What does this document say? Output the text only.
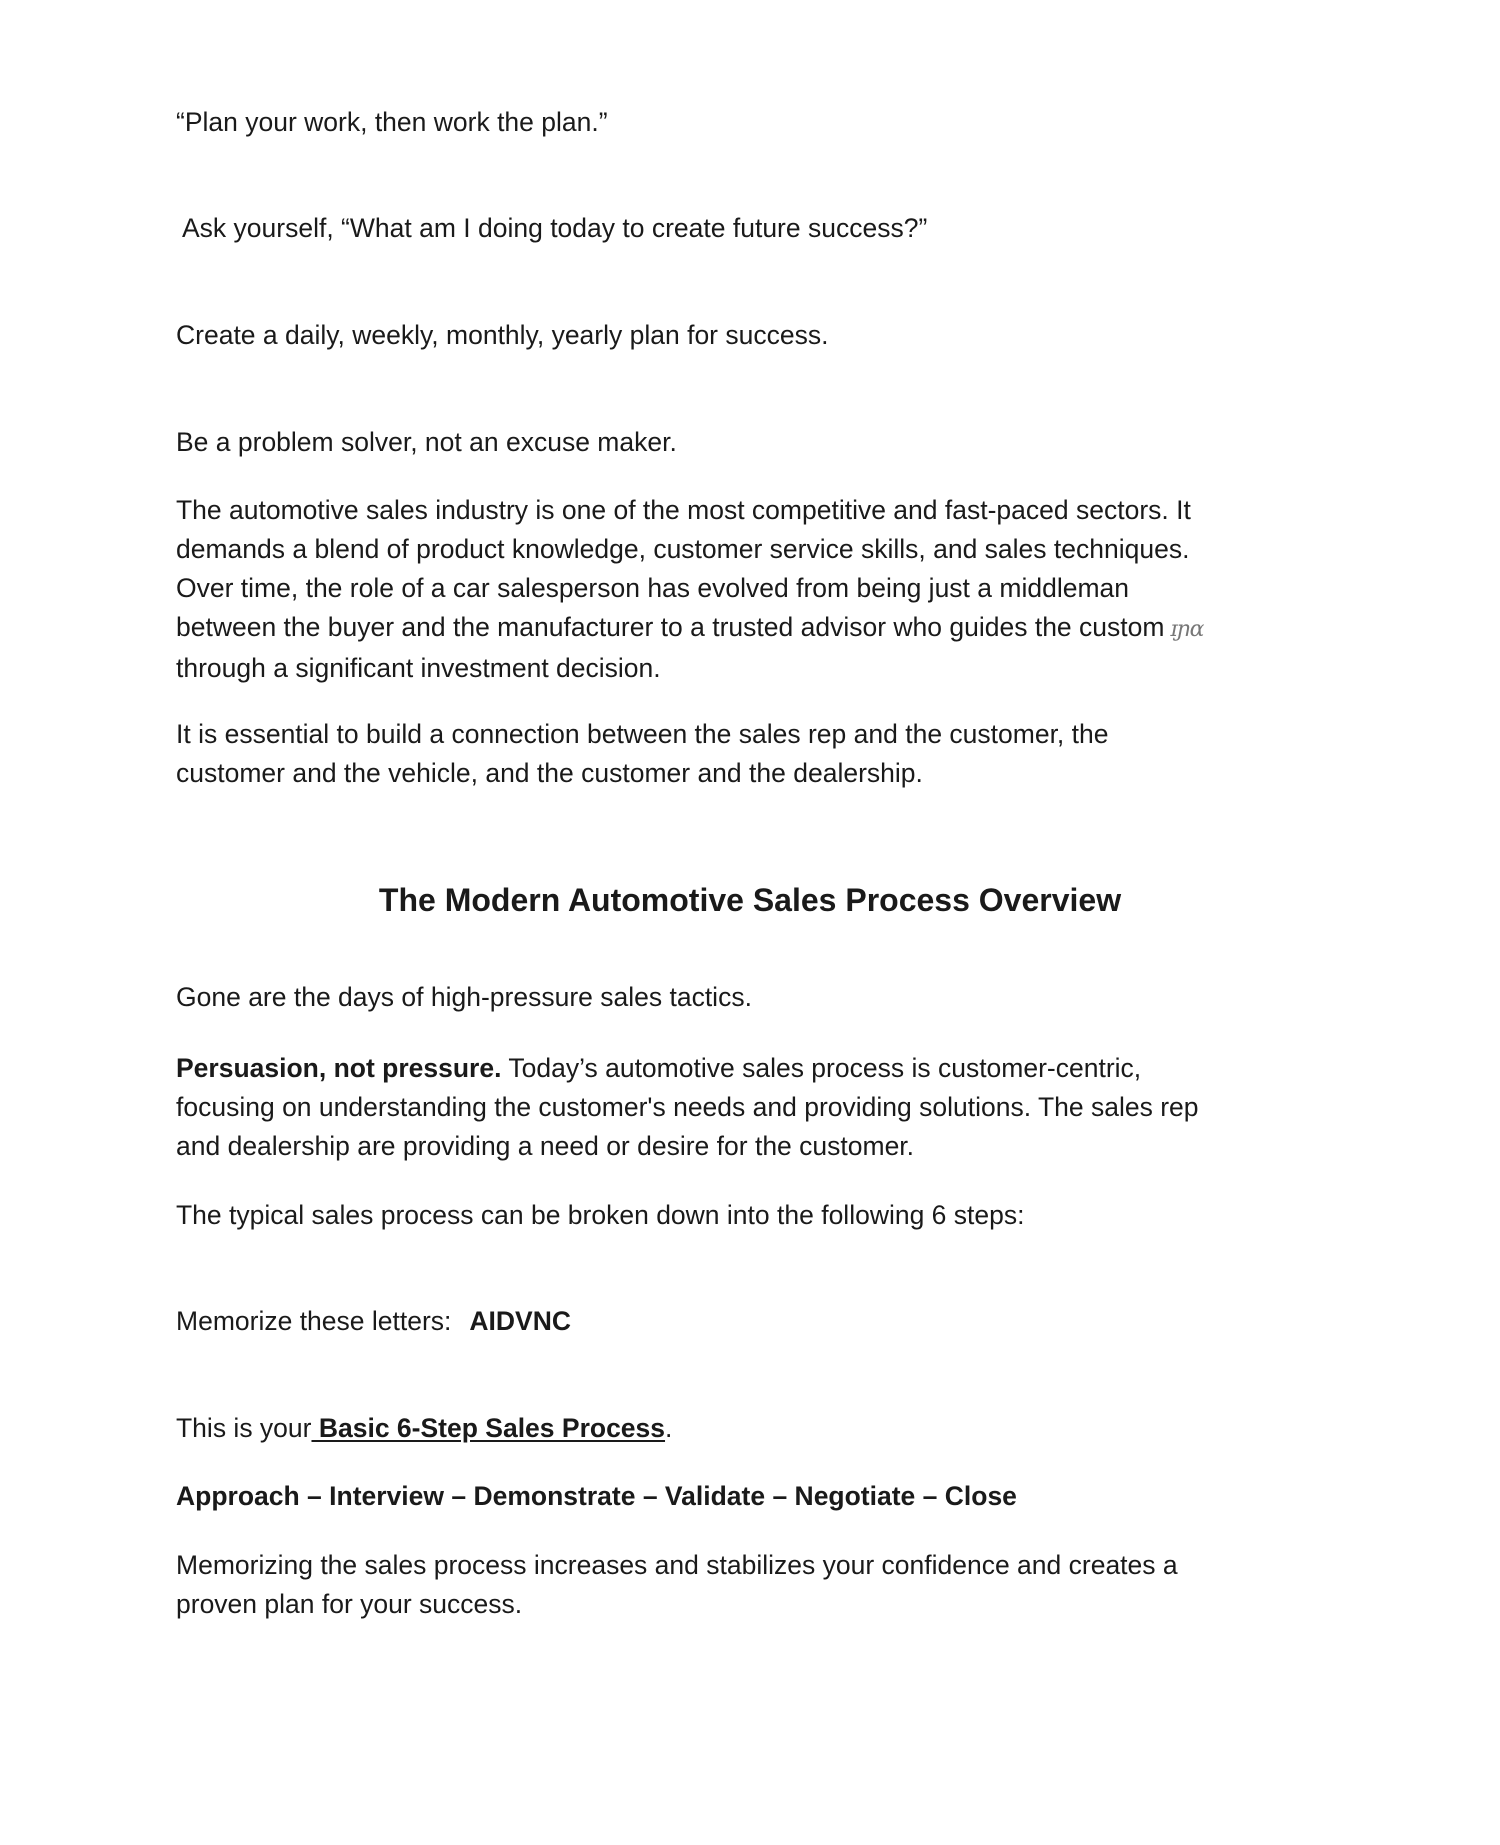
“Plan your work, then work the plan.”

Ask yourself, “What am I doing today to create future success?”

Create a daily, weekly, monthly, yearly plan for success.

Be a problem solver, not an excuse maker.

The automotive sales industry is one of the most competitive and fast-paced sectors. It
demands a blend of product knowledge, customer service skills, and sales techniques.
Over time, the role of a car salesperson has evolved from being just a middleman
between the buyer and the manufacturer to a trusted advisor who guides the custom ɪɲɑ
through a significant investment decision.
It is essential to build a connection between the sales rep and the customer, the
customer and the vehicle, and the customer and the dealership.
The Modern Automotive Sales Process Overview

Gone are the days of high-pressure sales tactics.

Persuasion, not pressure. Today’s automotive sales process is customer-centric,
focusing on understanding the customer's needs and providing solutions. The sales rep
and dealership are providing a need or desire for the customer.

The typical sales process can be broken down into the following 6 steps:

Memorize these letters: AIDVNC

This is your Basic 6-Step Sales Process.

Approach – Interview – Demonstrate – Validate – Negotiate – Close

Memorizing the sales process increases and stabilizes your confidence and creates a
proven plan for your success.
